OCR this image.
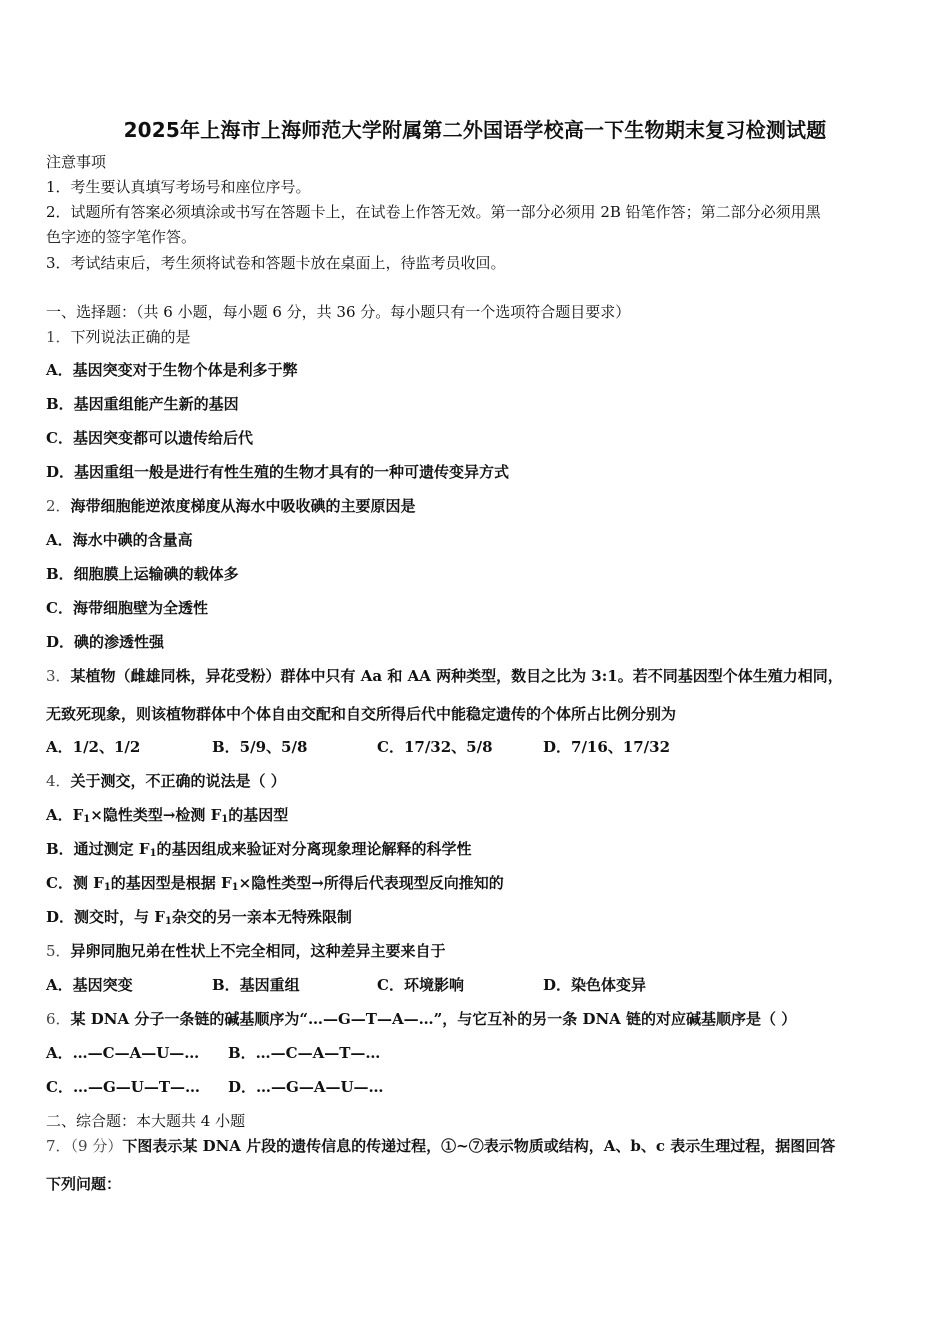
2025年上海市上海师范大学附属第二外国语学校高一下生物期末复习检测试题
注意事项
1．考生要认真填写考场号和座位序号。
2．试题所有答案必须填涂或书写在答题卡上，在试卷上作答无效。第一部分必须用 2B 铅笔作答；第二部分必须用黑
色字迹的签字笔作答。
3．考试结束后，考生须将试卷和答题卡放在桌面上，待监考员收回。
一、选择题：（共 6 小题，每小题 6 分，共 36 分。每小题只有一个选项符合题目要求）
1．下列说法正确的是
A．基因突变对于生物个体是利多于弊
B．基因重组能产生新的基因
C．基因突变都可以遗传给后代
D．基因重组一般是进行有性生殖的生物才具有的一种可遗传变异方式
2．海带细胞能逆浓度梯度从海水中吸收碘的主要原因是
A．海水中碘的含量高
B．细胞膜上运输碘的载体多
C．海带细胞壁为全透性
D．碘的渗透性强
3．某植物（雌雄同株，异花受粉）群体中只有 Aa 和 AA 两种类型，数目之比为 3:1。若不同基因型个体生殖力相同，
无致死现象，则该植物群体中个体自由交配和自交所得后代中能稳定遗传的个体所占比例分别为
A．1/2、1/2	B．5/9、5/8	C．17/32、5/8	D．7/16、17/32
4．关于测交，不正确的说法是（ ）
A．$F_1\times$隐性类型→检测 $F_1$的基因型
B．通过测定 $F_1$的基因组成来验证对分离现象理论解释的科学性
C．测 $F_1$的基因型是根据 $F_1\times$隐性类型→所得后代表现型反向推知的
D．测交时，与 $F_1$杂交的另一亲本无特殊限制
5．异卵同胞兄弟在性状上不完全相同，这种差异主要来自于
A．基因突变	B．基因重组	C．环境影响	D．染色体变异
6．某 DNA 分子一条链的碱基顺序为“…—G—T—A—…”，与它互补的另一条 DNA 链的对应碱基顺序是（ ）
A．…—C—A—U—… B．…—C—A—T—…
C．…—G—U—T—… D．…—G—A—U—…
二、综合题：本大题共 4 小题
7．（9 分）下图表示某 DNA 片段的遗传信息的传递过程，①~⑦表示物质或结构，A、b、c 表示生理过程，据图回答
下列问题：
